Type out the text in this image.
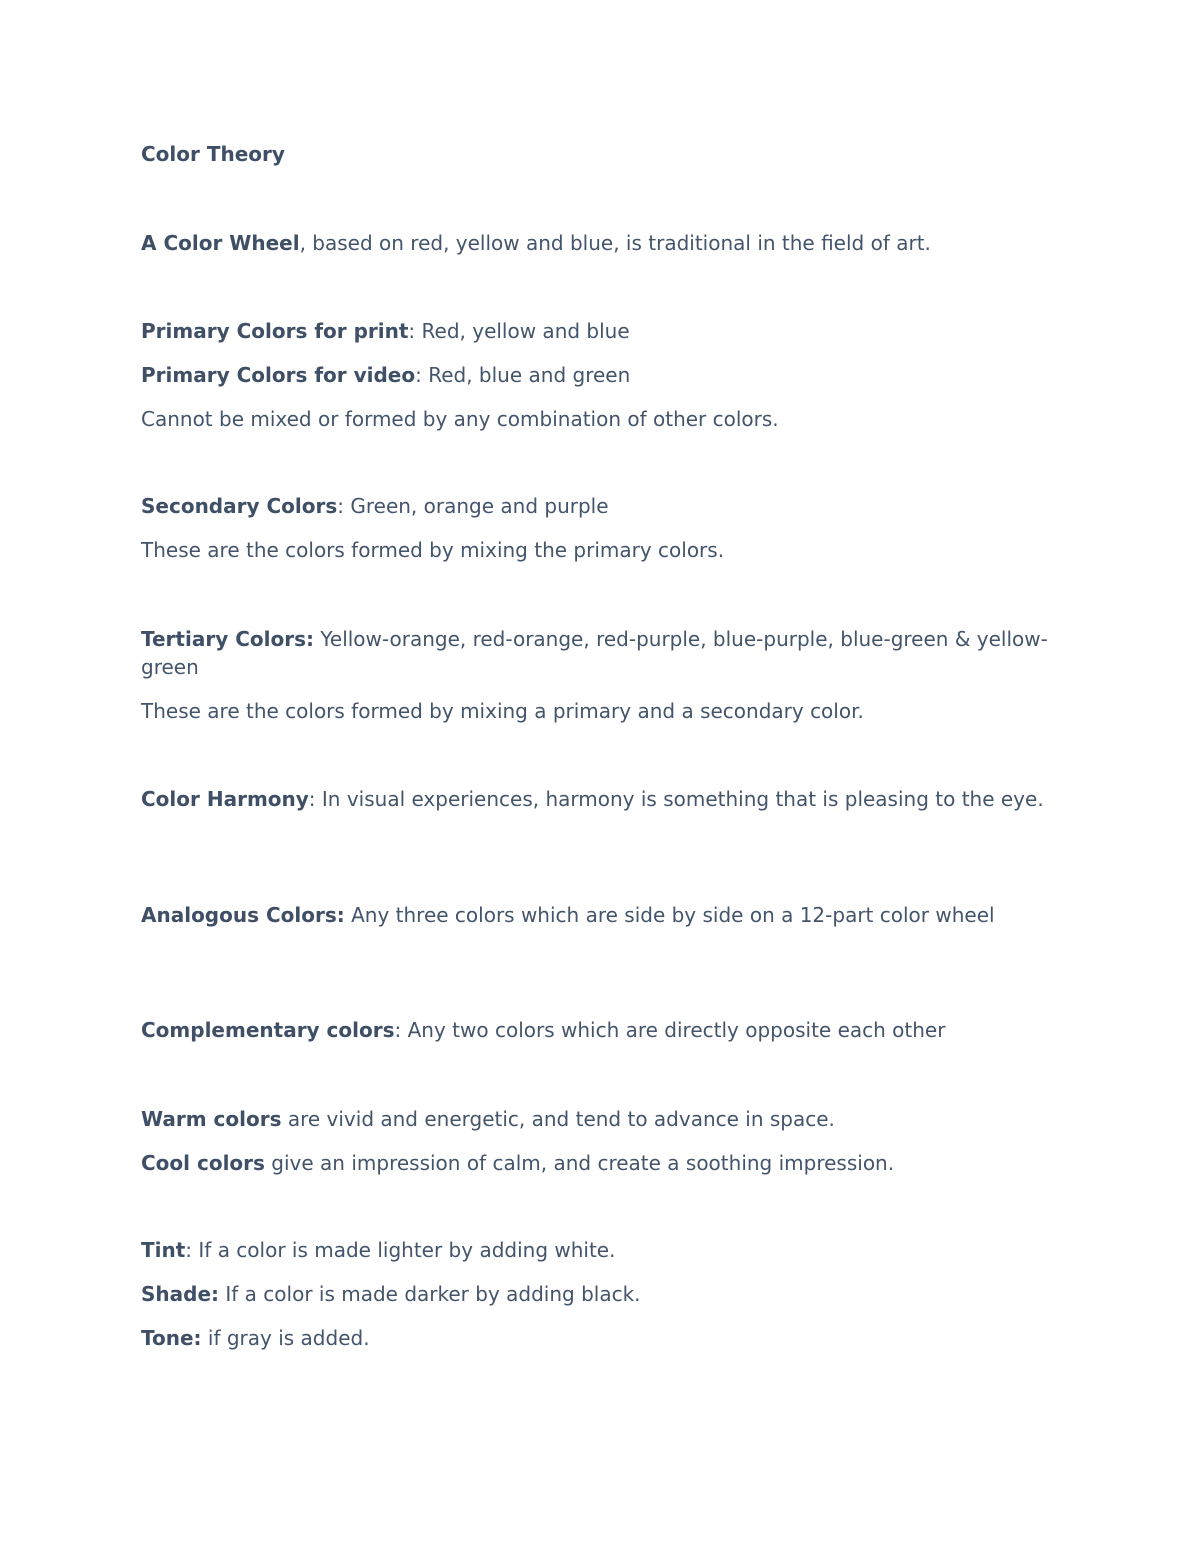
Color Theory
A Color Wheel, based on red, yellow and blue, is traditional in the field of art.
Primary Colors for print: Red, yellow and blue
Primary Colors for video: Red, blue and green
Cannot be mixed or formed by any combination of other colors.
Secondary Colors: Green, orange and purple
These are the colors formed by mixing the primary colors.
Tertiary Colors: Yellow-orange, red-orange, red-purple, blue-purple, blue-green & yellow-green
These are the colors formed by mixing a primary and a secondary color.
Color Harmony: In visual experiences, harmony is something that is pleasing to the eye.
Analogous Colors: Any three colors which are side by side on a 12-part color wheel
Complementary colors: Any two colors which are directly opposite each other
Warm colors are vivid and energetic, and tend to advance in space.
Cool colors give an impression of calm, and create a soothing impression.
Tint: If a color is made lighter by adding white.
Shade: If a color is made darker by adding black.
Tone: if gray is added.
